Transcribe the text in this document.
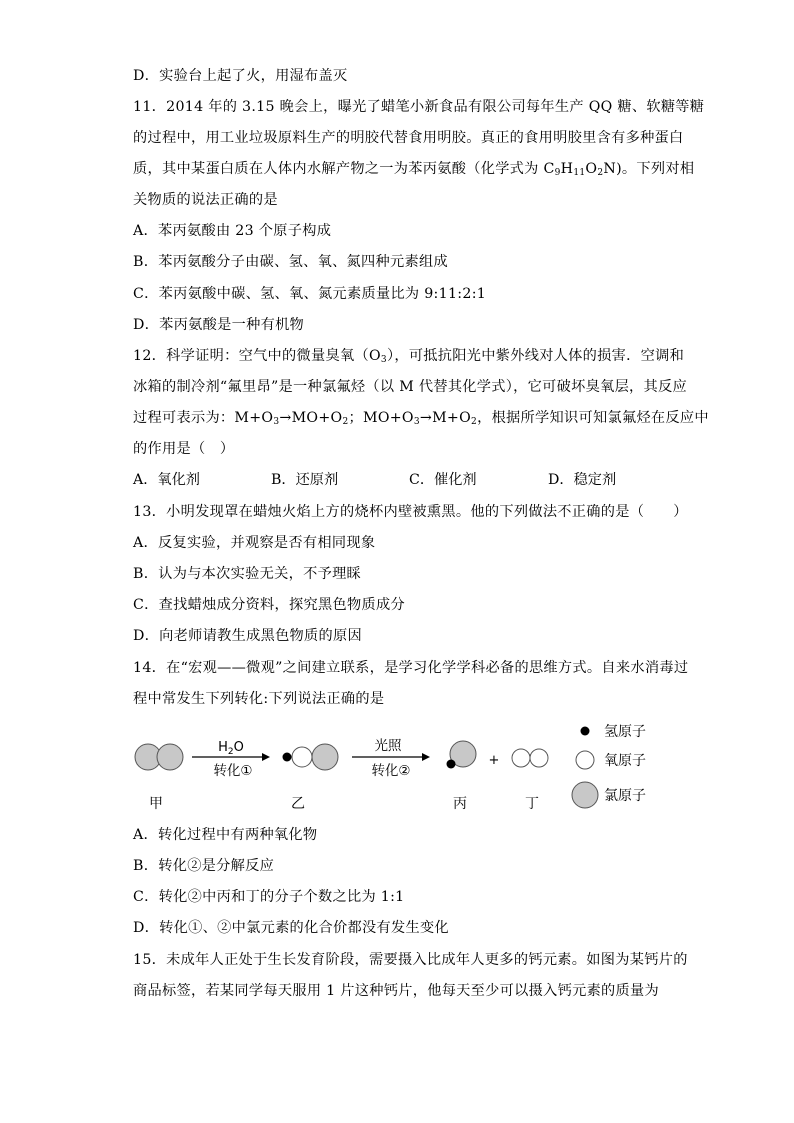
D．实验台上起了火，用湿布盖灭
11．2014 年的 3.15 晚会上，曝光了蜡笔小新食品有限公司每年生产 QQ 糖、软糖等糖
的过程中，用工业垃圾原料生产的明胶代替食用明胶。真正的食用明胶里含有多种蛋白
质，其中某蛋白质在人体内水解产物之一为苯丙氨酸（化学式为 $C_9H_{11}O_2N$)。下列对相
关物质的说法正确的是
A．苯丙氨酸由 23 个原子构成
B．苯丙氨酸分子由碳、氢、氧、氮四种元素组成
C．苯丙氨酸中碳、氢、氧、氮元素质量比为 9:11:2:1
D．苯丙氨酸是一种有机物
12．科学证明：空气中的微量臭氧$(O_3)$，可抵抗阳光中紫外线对人体的损害．空调和
冰箱的制冷剂“氟里昂”是一种氯氟烃（以 M 代替其化学式），它可破坏臭氧层，其反应
过程可表示为：$M+O_3\to MO+O_2$；$MO+O_3\to M+O_2$，根据所学知识可知氯氟烃在反应中
的作用是（　）
A．氧化剂	B．还原剂	C．催化剂	D．稳定剂
13．小明发现罩在蜡烛火焰上方的烧杯内壁被熏黑。他的下列做法不正确的是（　　）
A．反复实验，并观察是否有相同现象
B．认为与本次实验无关，不予理睬
C．查找蜡烛成分资料，探究黑色物质成分
D．向老师请教生成黑色物质的原因
14．在“宏观——微观”之间建立联系，是学习化学学科必备的思维方式。自来水消毒过
程中常发生下列转化:下列说法正确的是
$H_2O$
转化①
光照
转化②
+
甲	乙	丙	丁
氢原子
氧原子
氯原子
A．转化过程中有两种氧化物
B．转化②是分解反应
C．转化②中丙和丁的分子个数之比为 1:1
D．转化①、②中氯元素的化合价都没有发生变化
15．未成年人正处于生长发育阶段，需要摄入比成年人更多的钙元素。如图为某钙片的
商品标签，若某同学每天服用 1 片这种钙片，他每天至少可以摄入钙元素的质量为
